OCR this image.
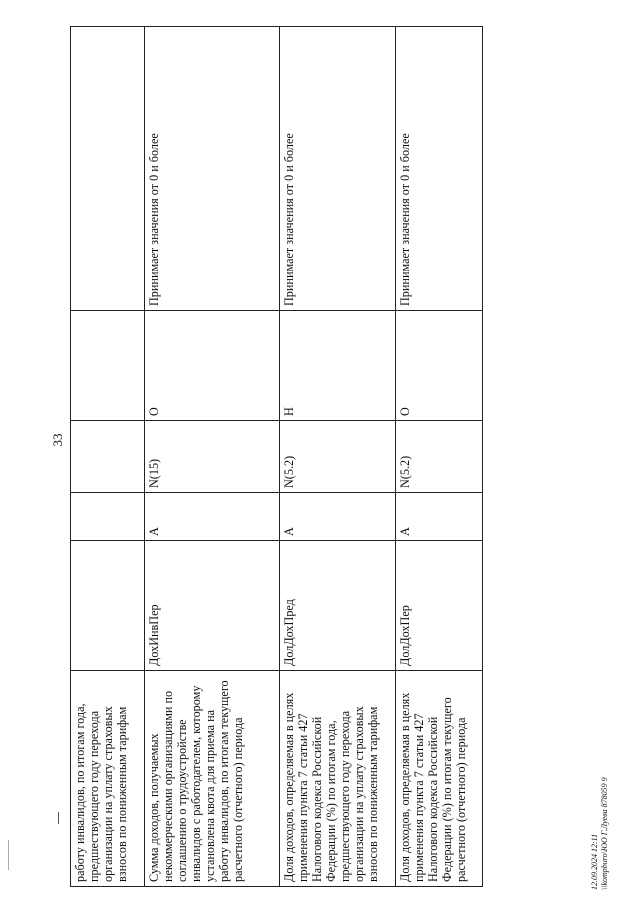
33
работу инвалидов, по итогам года, предшествующего году перехода организации на уплату страховых взносов по пониженным тарифам					
Сумма доходов, получаемых некоммерческими организациями по соглашению о трудоустройстве инвалидов с работодателем, которому установлена квота для приема на работу инвалидов, по итогам текущего расчетного (отчетного) периода	ДохИнвПер	А	N(15)	О	Принимает значения от 0 и более
Доля доходов, определяемая в целях применения пункта 7 статьи 427 Налогового кодекса Российской Федерации (%) по итогам года, предшествующего году перехода организации на уплату страховых взносов по пониженным тарифам	ДолДохПред	А	N(5.2)	Н	Принимает значения от 0 и более
Доля доходов, определяемая в целях применения пункта 7 статьи 427 Налогового кодекса Российской Федерации (%) по итогам текущего расчетного (отчетного) периода	ДолДохПер	А	N(5.2)	О	Принимает значения от 0 и более
12.09.2024 12:11 \\kompburo\ЮО Г.Луева 878059 9
